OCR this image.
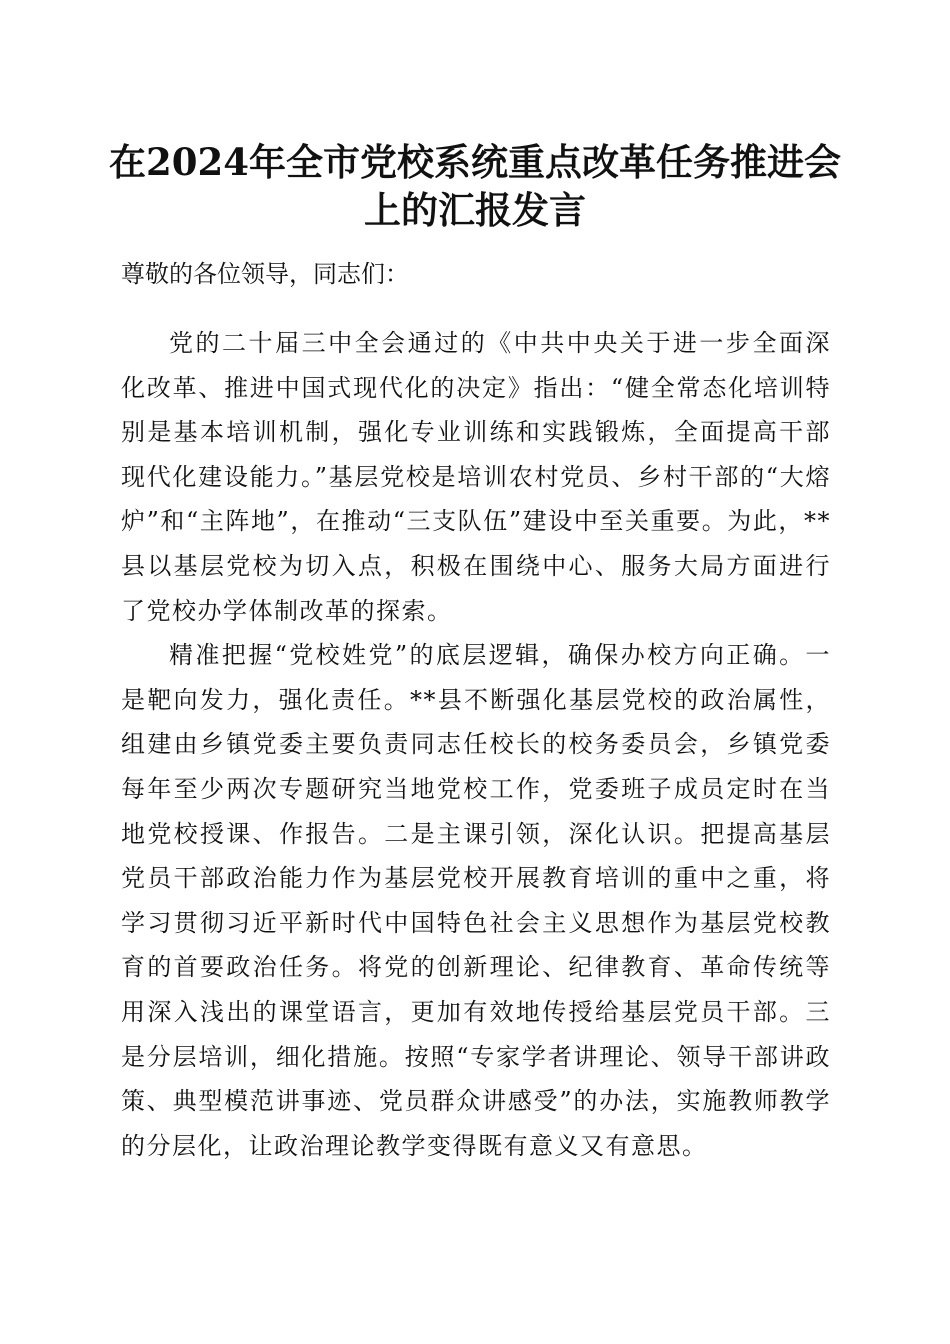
在2024年全市党校系统重点改革任务推进会上的汇报发言

尊敬的各位领导，同志们：

党的二十届三中全会通过的《中共中央关于进一步全面深化改革、推进中国式现代化的决定》指出：“健全常态化培训特别是基本培训机制，强化专业训练和实践锻炼，全面提高干部现代化建设能力。”基层党校是培训农村党员、乡村干部的“大熔炉”和“主阵地”，在推动“三支队伍”建设中至关重要。为此，**县以基层党校为切入点，积极在围绕中心、服务大局方面进行了党校办学体制改革的探索。

精准把握“党校姓党”的底层逻辑，确保办校方向正确。一是靶向发力，强化责任。**县不断强化基层党校的政治属性，组建由乡镇党委主要负责同志任校长的校务委员会，乡镇党委每年至少两次专题研究当地党校工作，党委班子成员定时在当地党校授课、作报告。二是主课引领，深化认识。把提高基层党员干部政治能力作为基层党校开展教育培训的重中之重，将学习贯彻习近平新时代中国特色社会主义思想作为基层党校教育的首要政治任务。将党的创新理论、纪律教育、革命传统等用深入浅出的课堂语言，更加有效地传授给基层党员干部。三是分层培训，细化措施。按照“专家学者讲理论、领导干部讲政策、典型模范讲事迹、党员群众讲感受”的办法，实施教师教学的分层化，让政治理论教学变得既有意义又有意思。
